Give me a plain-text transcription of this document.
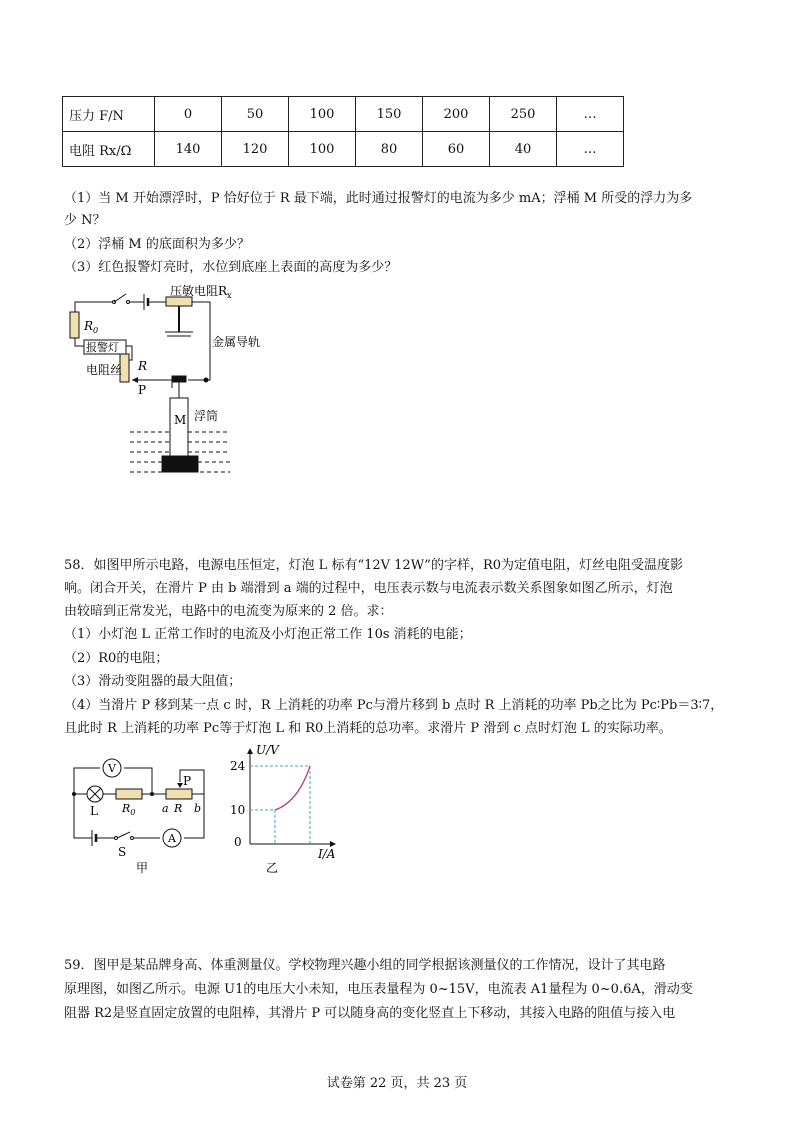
压力 F/N	0	50	100	150	200	250	…
电阻 Rx/Ω	140	120	100	80	60	40	…
（1）当 M 开始漂浮时，P 恰好位于 R 最下端，此时通过报警灯的电流为多少 mA；浮桶 M 所受的浮力为多
少 N？
（2）浮桶 M 的底面积为多少？
（3）红色报警灯亮时，水位到底座上表面的高度为多少？
压敏电阻$R_x$
$R_0$
报警灯
电阻丝 R
P
金属导轨
M 浮筒
58．如图甲所示电路，电源电压恒定，灯泡 L 标有“12V 12W”的字样，R0为定值电阻，灯丝电阻受温度影
响。闭合开关，在滑片 P 由 b 端滑到 a 端的过程中，电压表示数与电流表示数关系图象如图乙所示，灯泡
由较暗到正常发光，电路中的电流变为原来的 2 倍。求：
（1）小灯泡 L 正常工作时的电流及小灯泡正常工作 10s 消耗的电能；
（2）R0的电阻；
（3）滑动变阻器的最大阻值；
（4）当滑片 P 移到某一点 c 时，R 上消耗的功率 Pc与滑片移到 b 点时 R 上消耗的功率 Pb之比为 Pc∶Pb＝3∶7，
且此时 R 上消耗的功率 Pc等于灯泡 L 和 R0上消耗的总功率。求滑片 P 滑到 c 点时灯泡 L 的实际功率。
V
A
L $R_0$
P
a R b
S
甲
U/V
24
10
0
I/A
乙
59．图甲是某品牌身高、体重测量仪。学校物理兴趣小组的同学根据该测量仪的工作情况，设计了其电路
原理图，如图乙所示。电源 U1的电压大小未知，电压表量程为 0~15V，电流表 A1量程为 0~0.6A，滑动变
阻器 R2是竖直固定放置的电阻棒，其滑片 P 可以随身高的变化竖直上下移动，其接入电路的阻值与接入电
试卷第 22 页，共 23 页
